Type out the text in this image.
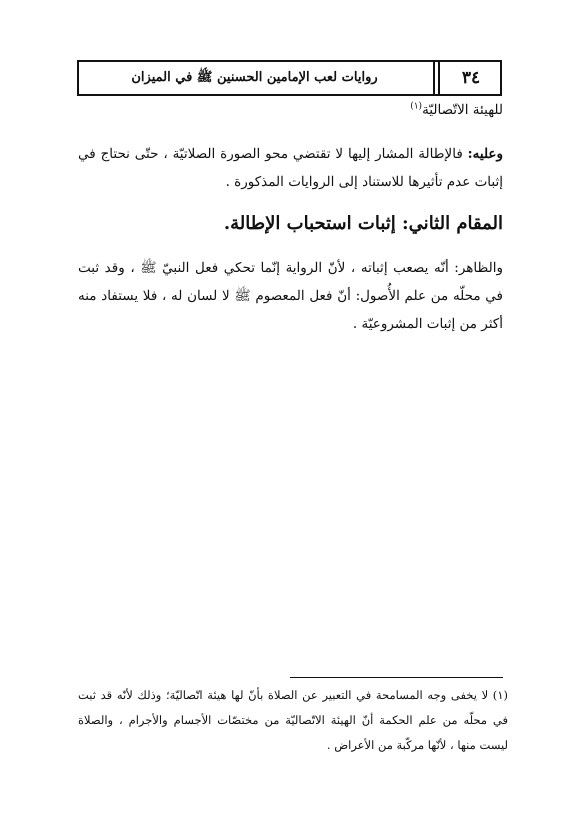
روايات لعب الإمامين الحسنين ﷺ في الميزان	٣٤
للهيئة الاتّصاليّة$^{(١)}$
وعليه: فالإطالة المشار إليها لا تقتضي محو الصورة الصلاتيّة ، حتّى نحتاج في إثبات عدم تأثيرها للاستناد إلى الروايات المذكورة .
المقام الثاني: إثبات استحباب الإطالة.
والظاهر: أنّه يصعب إثباته ، لأنّ الرواية إنّما تحكي فعل النبيّ ﷺ ، وقد ثبت في محلّه من علم الأُصول: أنّ فعل المعصوم ﷺ لا لسان له ، فلا يستفاد منه أكثر من إثبات المشروعيّة .
(١) لا يخفى وجه المسامحة في التعبير عن الصلاة بأنّ لها هيئة اتّصاليّة؛ وذلك لأنّه قد ثبت في محلّه من علم الحكمة أنّ الهيئة الاتّصاليّة من مختصّات الأجسام والأجرام ، والصلاة ليست منها ، لأنّها مركّبة من الأعراض .
